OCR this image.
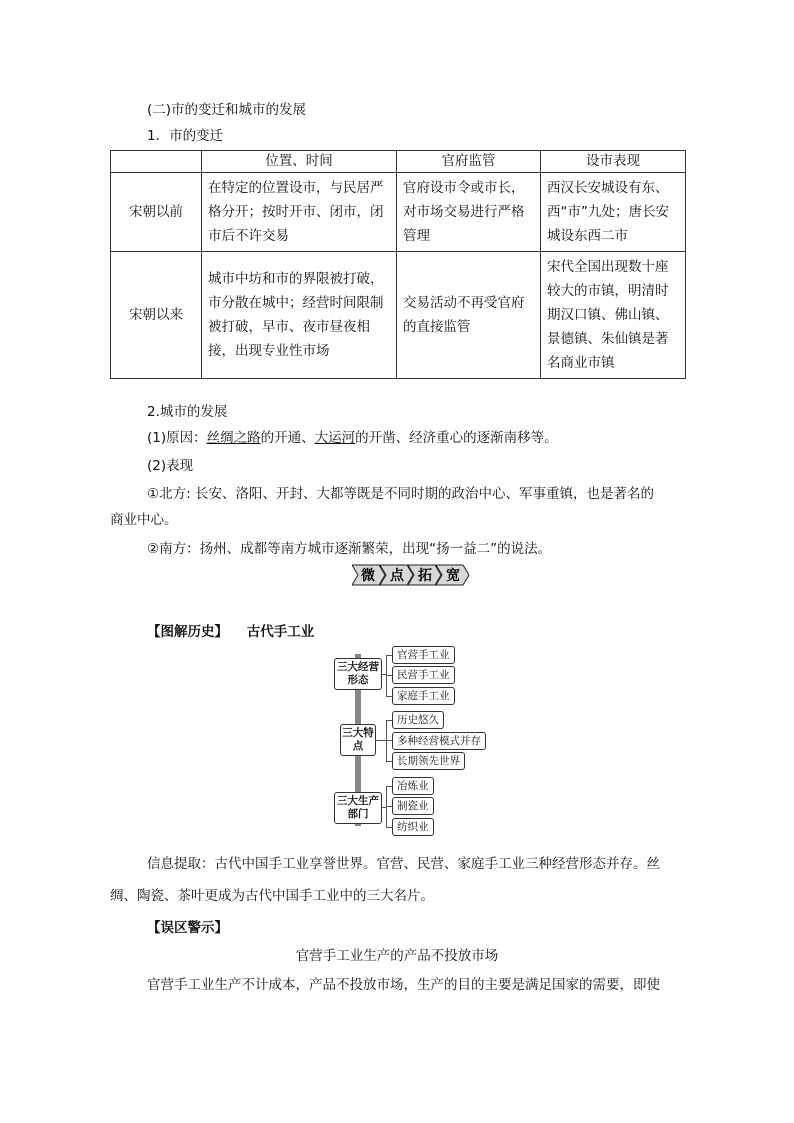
(二)市的变迁和城市的发展
1．市的变迁
	位置、时间	官府监管	设市表现
宋朝以前	在特定的位置设市，与民居严格分开；按时开市、闭市，闭市后不许交易	官府设市令或市长，对市场交易进行严格管理	西汉长安城设有东、西“市”九处；唐长安城设东西二市
宋朝以来	城市中坊和市的界限被打破，市分散在城中；经营时间限制被打破，早市、夜市昼夜相接，出现专业性市场	交易活动不再受官府的直接监管	宋代全国出现数十座较大的市镇，明清时期汉口镇、佛山镇、景德镇、朱仙镇是著名商业市镇
2.城市的发展
(1)原因：丝绸之路的开通、大运河的开凿、经济重心的逐渐南移等。
(2)表现
①北方: 长安、洛阳、开封、大都等既是不同时期的政治中心、军事重镇，也是著名的
商业中心。
②南方：扬州、成都等南方城市逐渐繁荣，出现“扬一益二”的说法。
微 点 拓 宽
【图解历史】 古代手工业
三大经营形态
官营手工业
民营手工业
家庭手工业
三大特点
历史悠久
多种经营模式并存
长期领先世界
三大生产部门
冶炼业
制瓷业
纺织业
信息提取：古代中国手工业享誉世界。官营、民营、家庭手工业三种经营形态并存。丝
绸、陶瓷、茶叶更成为古代中国手工业中的三大名片。
【误区警示】
官营手工业生产的产品不投放市场
官营手工业生产不计成本，产品不投放市场，生产的目的主要是满足国家的需要，即使
